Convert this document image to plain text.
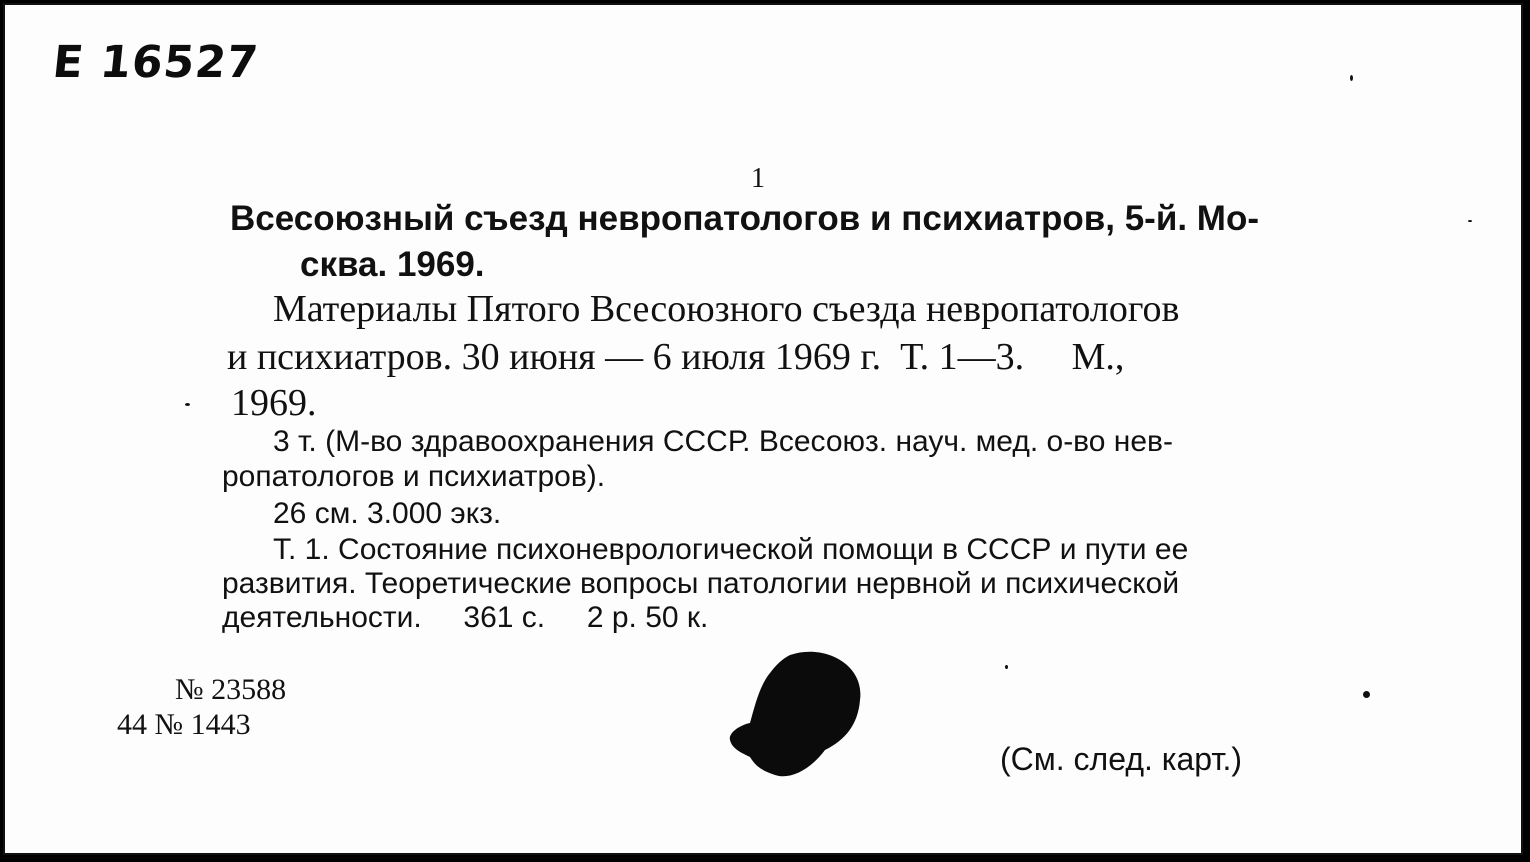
Е 16527
1
Всесоюзный съезд невропатологов и психиатров, 5-й. Мо-
сква. 1969.
Материалы Пятого Всесоюзного съезда невропатологов
и психиатров. 30 июня — 6 июля 1969 г.  Т. 1—3.     М.,
1969.
3 т. (М-во здравоохранения СССР. Всесоюз. науч. мед. о-во нев-
ропатологов и психиатров).
26 см. 3.000 экз.
Т. 1. Состояние психоневрологической помощи в СССР и пути ее
развития. Теоретические вопросы патологии нервной и психической
деятельности.     361 с.     2 р. 50 к.
№ 23588
44 № 1443
(См. след. карт.)
